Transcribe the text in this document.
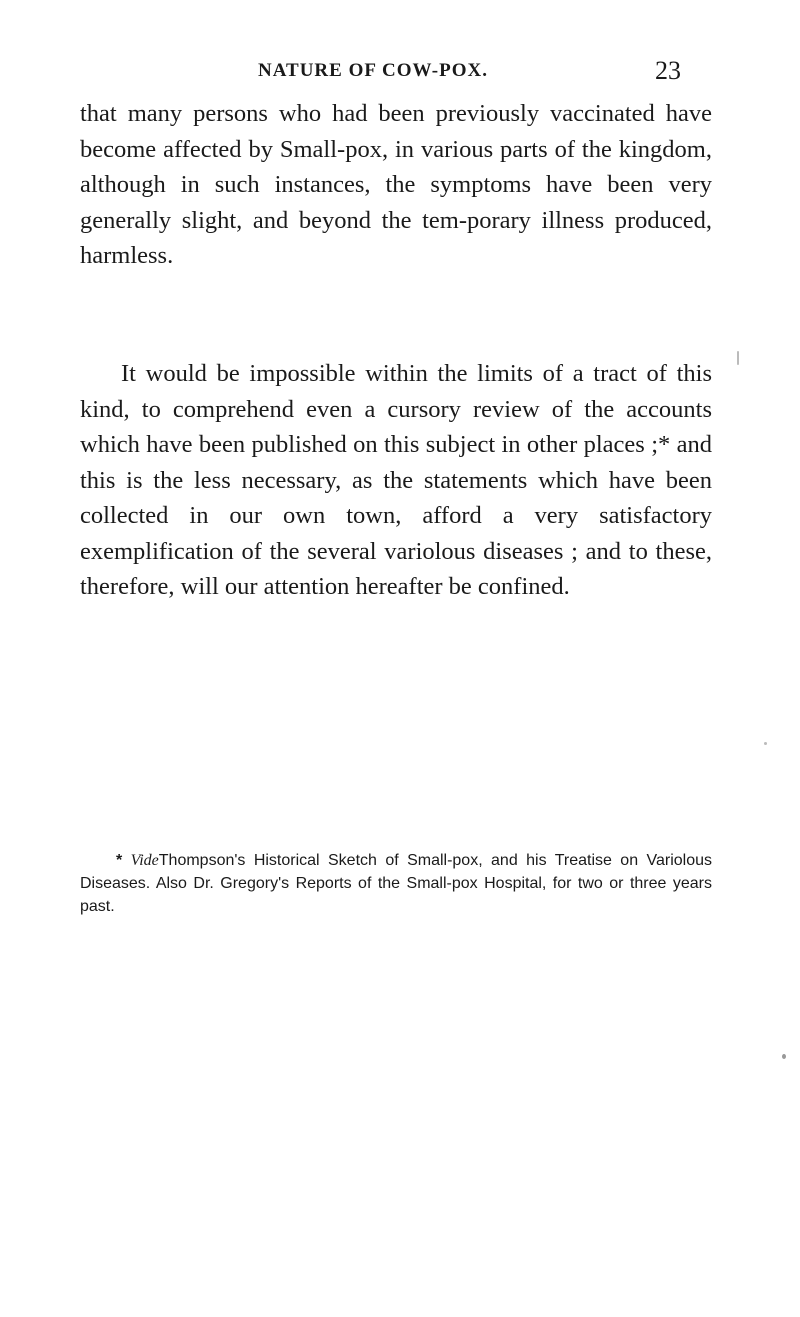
NATURE OF COW-POX.	23

that many persons who had been previously vaccinated have become affected by Small-pox, in various parts of the kingdom, although in such instances, the symptoms have been very generally slight, and beyond the tem-porary illness produced, harmless.

It would be impossible within the limits of a tract of this kind, to comprehend even a cursory review of the accounts which have been published on this subject in other places ;* and this is the less necessary, as the statements which have been collected in our own town, afford a very satisfactory exemplification of the several variolous diseases ; and to these, therefore, will our attention hereafter be confined.

* VideThompson's Historical Sketch of Small-pox, and his Treatise on Variolous Diseases. Also Dr. Gregory's Reports of the Small-pox Hospital, for two or three years past.
